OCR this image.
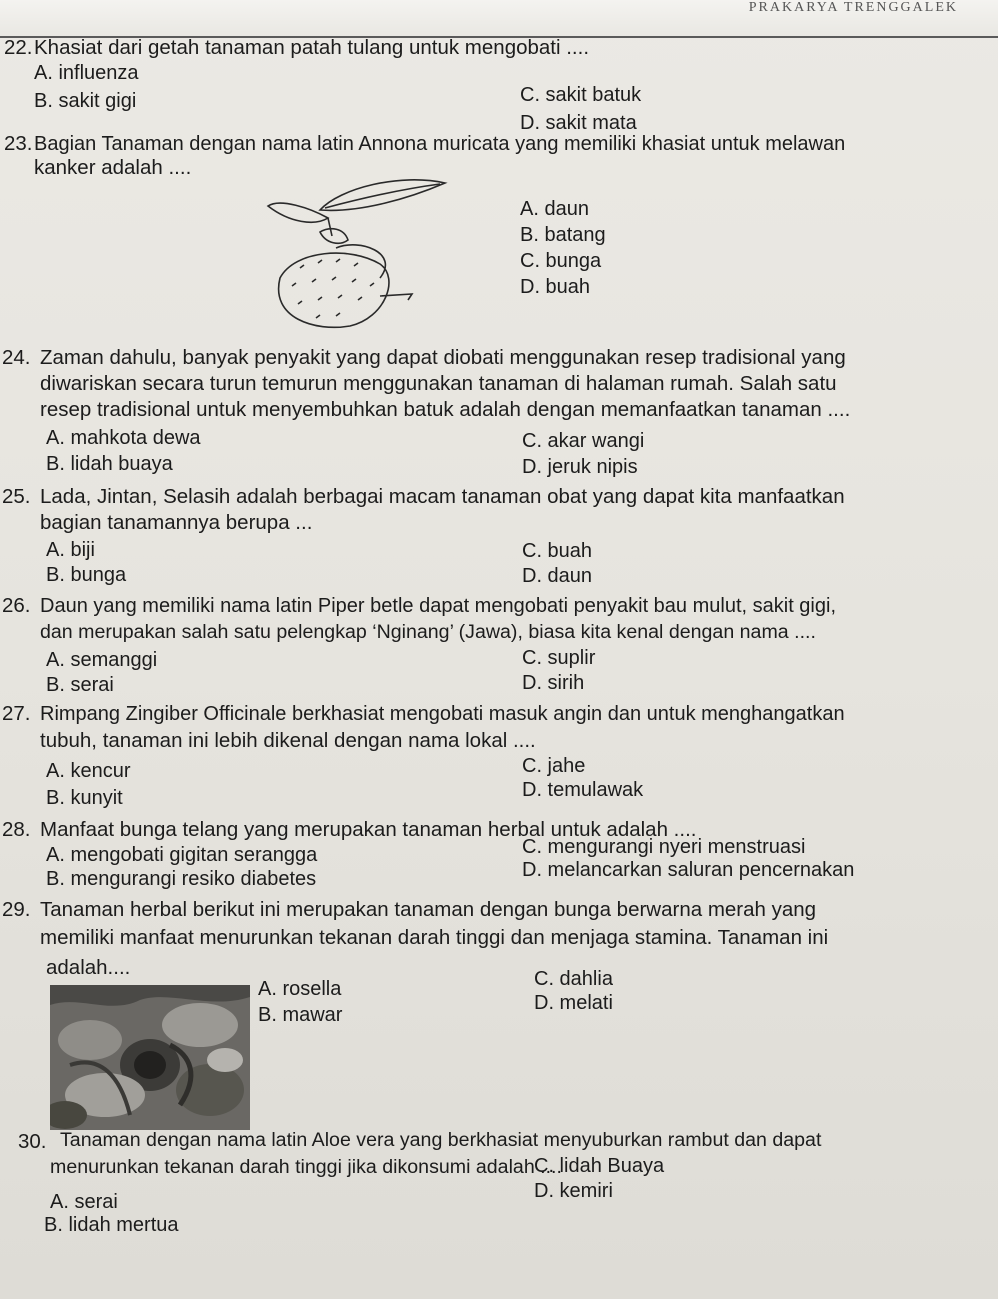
PRAKARYA TRENGGALEK
22. Khasiat dari getah tanaman patah tulang untuk mengobati ....
A. influenza
B. sakit gigi	C. sakit batuk
D. sakit mata
23. Bagian Tanaman dengan nama latin Annona muricata yang memiliki khasiat untuk melawan
kanker adalah ....
A. daun
B. batang
C. bunga
D. buah
24. Zaman dahulu, banyak penyakit yang dapat diobati menggunakan resep tradisional yang
diwariskan secara turun temurun menggunakan tanaman di halaman rumah. Salah satu
resep tradisional untuk menyembuhkan batuk adalah dengan memanfaatkan tanaman ....
A. mahkota dewa
B. lidah buaya
C. akar wangi
D. jeruk nipis
25. Lada, Jintan, Selasih adalah berbagai macam tanaman obat yang dapat kita manfaatkan
bagian tanamannya berupa ...
A. biji
B. bunga
C. buah
D. daun
26. Daun yang memiliki nama latin Piper betle dapat mengobati penyakit bau mulut, sakit gigi,
dan merupakan salah satu pelengkap ‘Nginang’ (Jawa), biasa kita kenal dengan nama ....
A. semanggi
B. serai
C. suplir
D. sirih
27. Rimpang Zingiber Officinale berkhasiat mengobati masuk angin dan untuk menghangatkan
tubuh, tanaman ini lebih dikenal dengan nama lokal ....
A. kencur
B. kunyit
C. jahe
D. temulawak
28. Manfaat bunga telang yang merupakan tanaman herbal untuk adalah ....
A. mengobati gigitan serangga
B. mengurangi resiko diabetes
C. mengurangi nyeri menstruasi
D. melancarkan saluran pencernakan
29. Tanaman herbal berikut ini merupakan tanaman dengan bunga berwarna merah yang
memiliki manfaat menurunkan tekanan darah tinggi dan menjaga stamina. Tanaman ini
adalah....
A. rosella
B. mawar
C. dahlia
D. melati
30. Tanaman dengan nama latin Aloe vera yang berkhasiat menyuburkan rambut dan dapat
menurunkan tekanan darah tinggi jika dikonsumi adalah ....
A. serai
B. lidah mertua
C. lidah Buaya
D. kemiri
